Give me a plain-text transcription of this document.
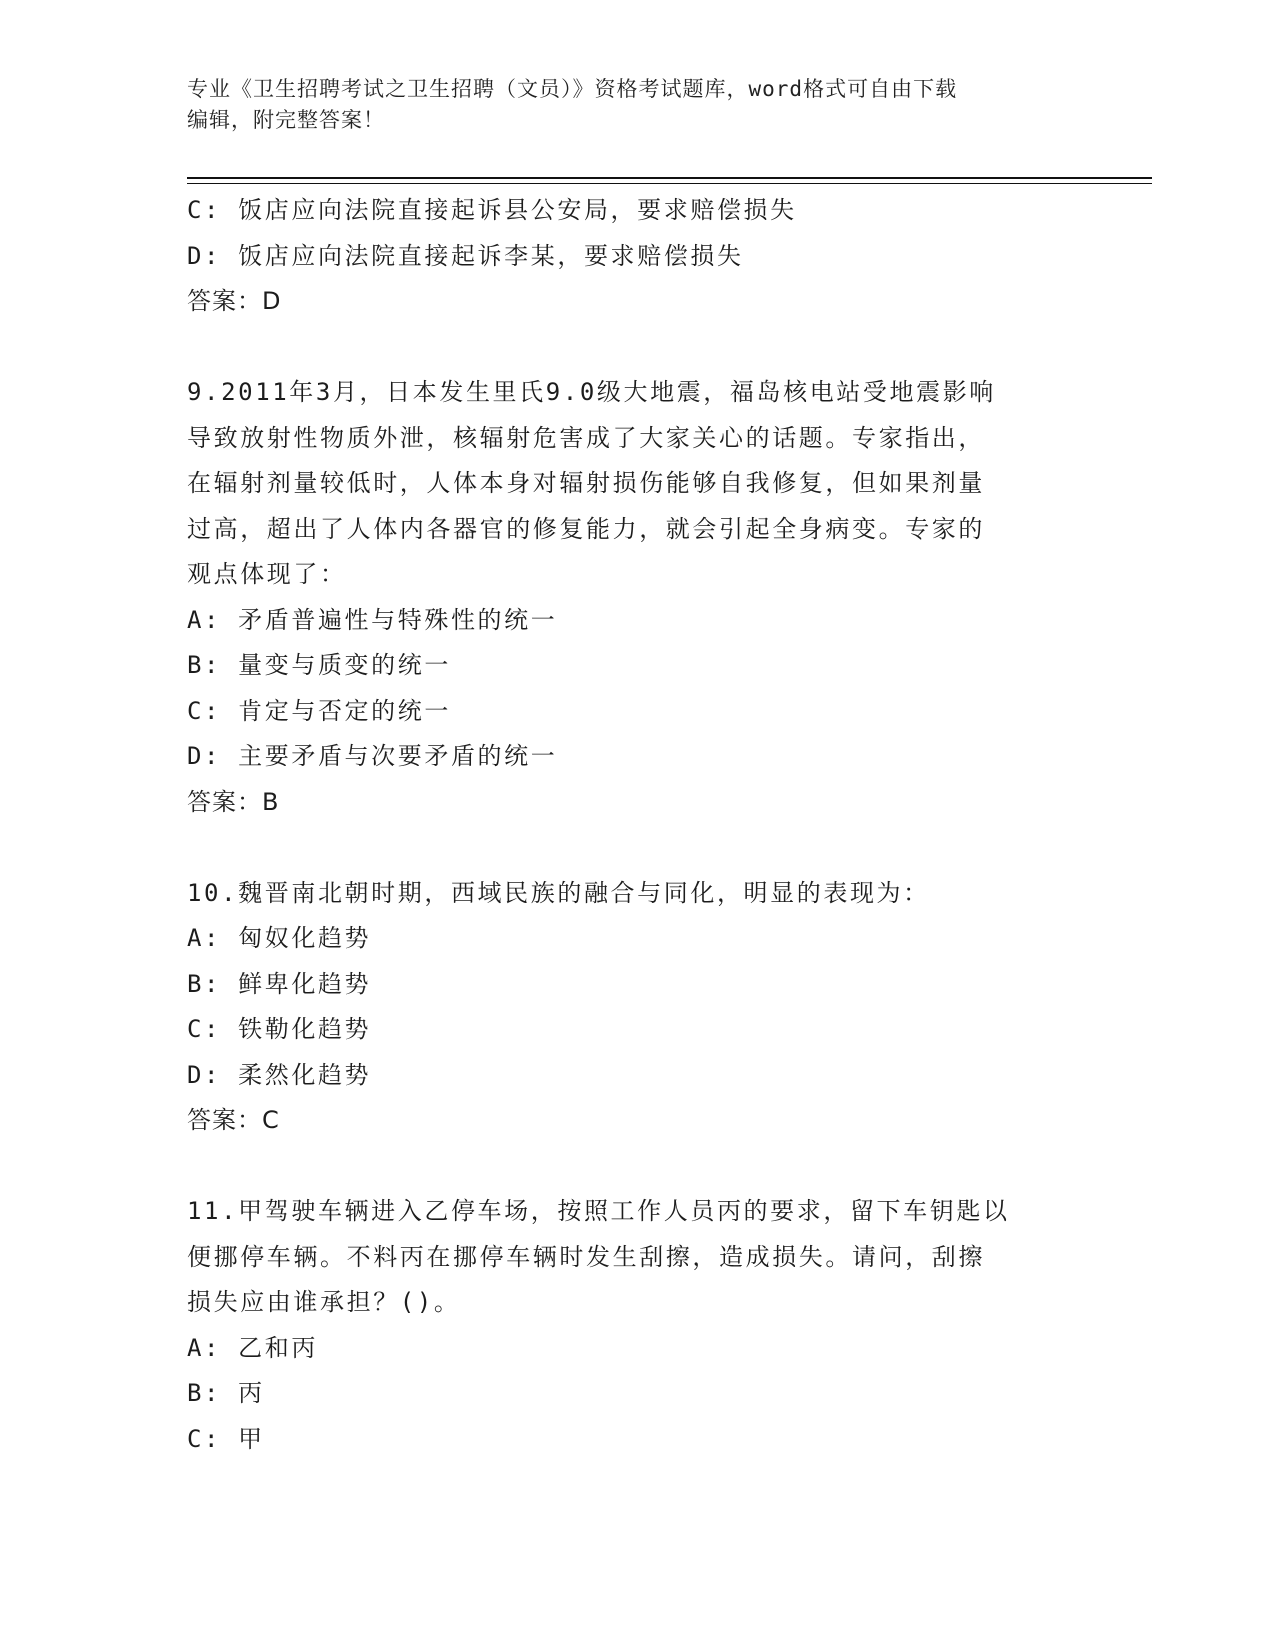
专业《卫生招聘考试之卫生招聘（文员）》资格考试题库，word格式可自由下载
编辑，附完整答案！
C: 饭店应向法院直接起诉县公安局，要求赔偿损失
D: 饭店应向法院直接起诉李某，要求赔偿损失
答案：D
9.2011年3月，日本发生里氏9.0级大地震，福岛核电站受地震影响
导致放射性物质外泄，核辐射危害成了大家关心的话题。专家指出，
在辐射剂量较低时，人体本身对辐射损伤能够自我修复，但如果剂量
过高，超出了人体内各器官的修复能力，就会引起全身病变。专家的
观点体现了：
A: 矛盾普遍性与特殊性的统一
B: 量变与质变的统一
C: 肯定与否定的统一
D: 主要矛盾与次要矛盾的统一
答案：B
10.魏晋南北朝时期，西域民族的融合与同化，明显的表现为：
A: 匈奴化趋势
B: 鲜卑化趋势
C: 铁勒化趋势
D: 柔然化趋势
答案：C
11.甲驾驶车辆进入乙停车场，按照工作人员丙的要求，留下车钥匙以
便挪停车辆。不料丙在挪停车辆时发生刮擦，造成损失。请问，刮擦
损失应由谁承担？()。
A: 乙和丙
B: 丙
C: 甲
